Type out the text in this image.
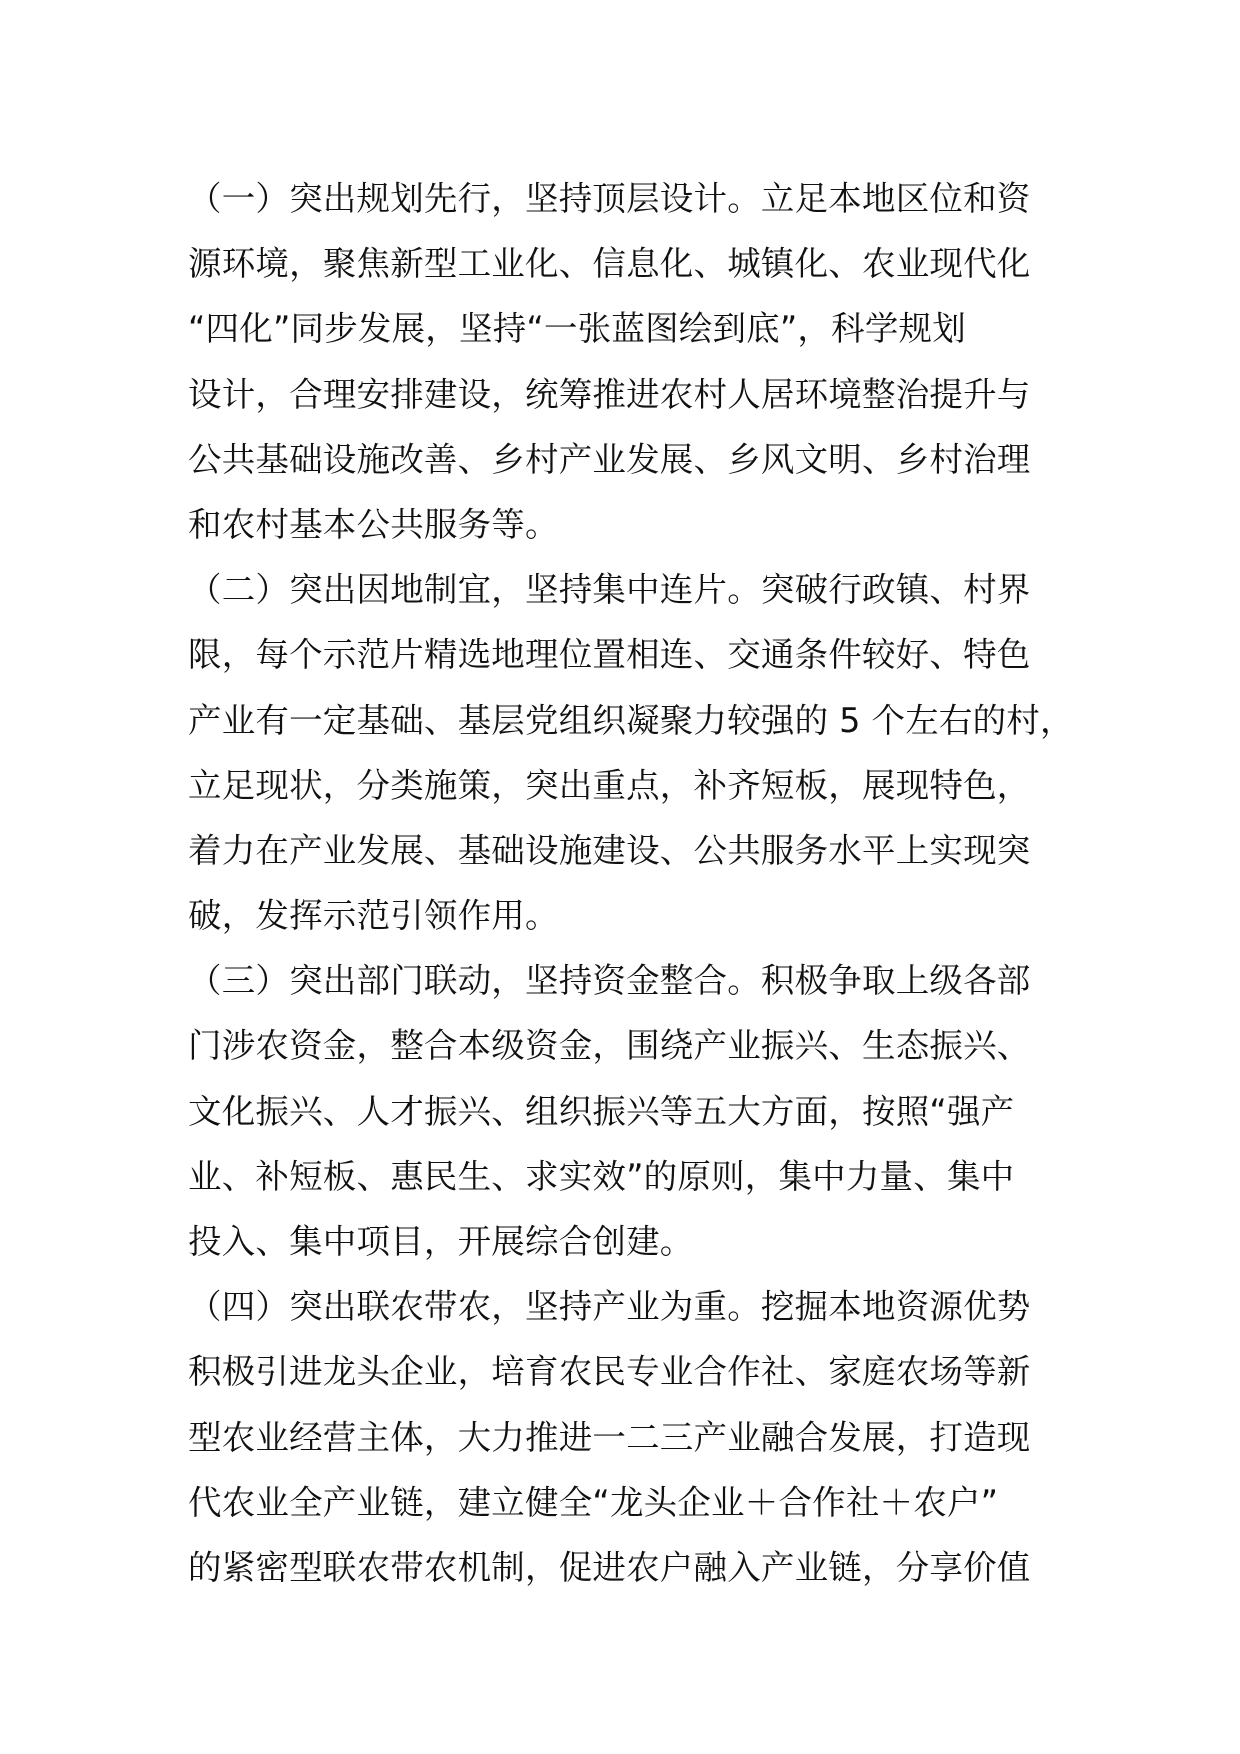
（一）突出规划先行，坚持顶层设计。立足本地区位和资
源环境，聚焦新型工业化、信息化、城镇化、农业现代化
“四化”同步发展，坚持“一张蓝图绘到底”，科学规划
设计，合理安排建设，统筹推进农村人居环境整治提升与
公共基础设施改善、乡村产业发展、乡风文明、乡村治理
和农村基本公共服务等。
（二）突出因地制宜，坚持集中连片。突破行政镇、村界
限，每个示范片精选地理位置相连、交通条件较好、特色
产业有一定基础、基层党组织凝聚力较强的 5 个左右的村，
立足现状，分类施策，突出重点，补齐短板，展现特色，
着力在产业发展、基础设施建设、公共服务水平上实现突
破，发挥示范引领作用。
（三）突出部门联动，坚持资金整合。积极争取上级各部
门涉农资金，整合本级资金，围绕产业振兴、生态振兴、
文化振兴、人才振兴、组织振兴等五大方面，按照“强产
业、补短板、惠民生、求实效”的原则，集中力量、集中
投入、集中项目，开展综合创建。
（四）突出联农带农，坚持产业为重。挖掘本地资源优势
积极引进龙头企业，培育农民专业合作社、家庭农场等新
型农业经营主体，大力推进一二三产业融合发展，打造现
代农业全产业链，建立健全“龙头企业＋合作社＋农户”
的紧密型联农带农机制，促进农户融入产业链，分享价值
